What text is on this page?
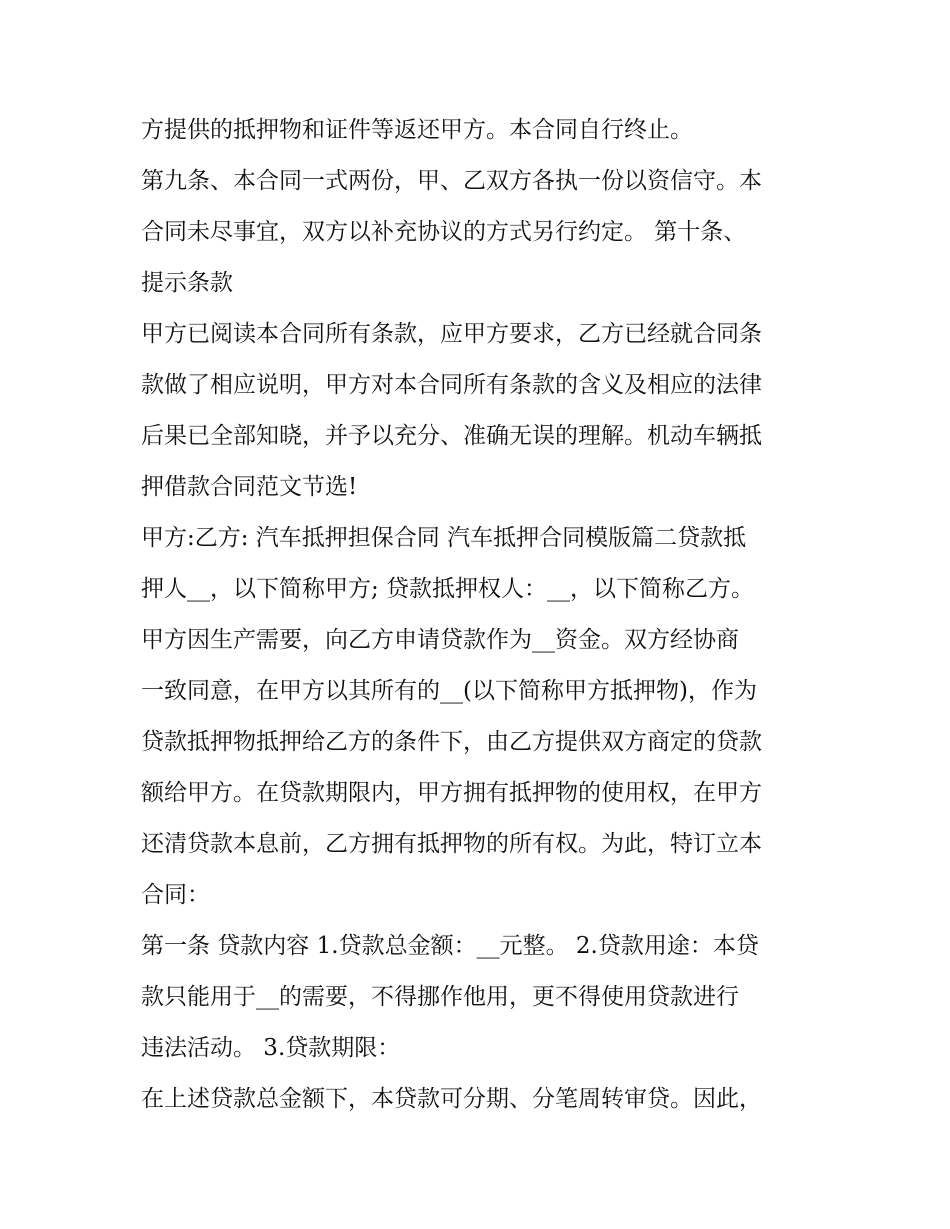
方提供的抵押物和证件等返还甲方。本合同自行终止。
第九条、本合同一式两份，甲、乙双方各执一份以资信守。本
合同未尽事宜，双方以补充协议的方式另行约定。 第十条、
提示条款
甲方已阅读本合同所有条款，应甲方要求，乙方已经就合同条
款做了相应说明，甲方对本合同所有条款的含义及相应的法律
后果已全部知晓，并予以充分、准确无误的理解。机动车辆抵
押借款合同范文节选!
甲方:乙方: 汽车抵押担保合同 汽车抵押合同模版篇二贷款抵
押人__，以下简称甲方; 贷款抵押权人：__，以下简称乙方。
甲方因生产需要，向乙方申请贷款作为__资金。双方经协商
一致同意，在甲方以其所有的__(以下简称甲方抵押物)，作为
贷款抵押物抵押给乙方的条件下，由乙方提供双方商定的贷款
额给甲方。在贷款期限内，甲方拥有抵押物的使用权，在甲方
还清贷款本息前，乙方拥有抵押物的所有权。为此，特订立本
合同：
第一条 贷款内容 1.贷款总金额：__元整。 2.贷款用途：本贷
款只能用于__的需要，不得挪作他用，更不得使用贷款进行
违法活动。 3.贷款期限：
在上述贷款总金额下，本贷款可分期、分笔周转审贷。因此，
